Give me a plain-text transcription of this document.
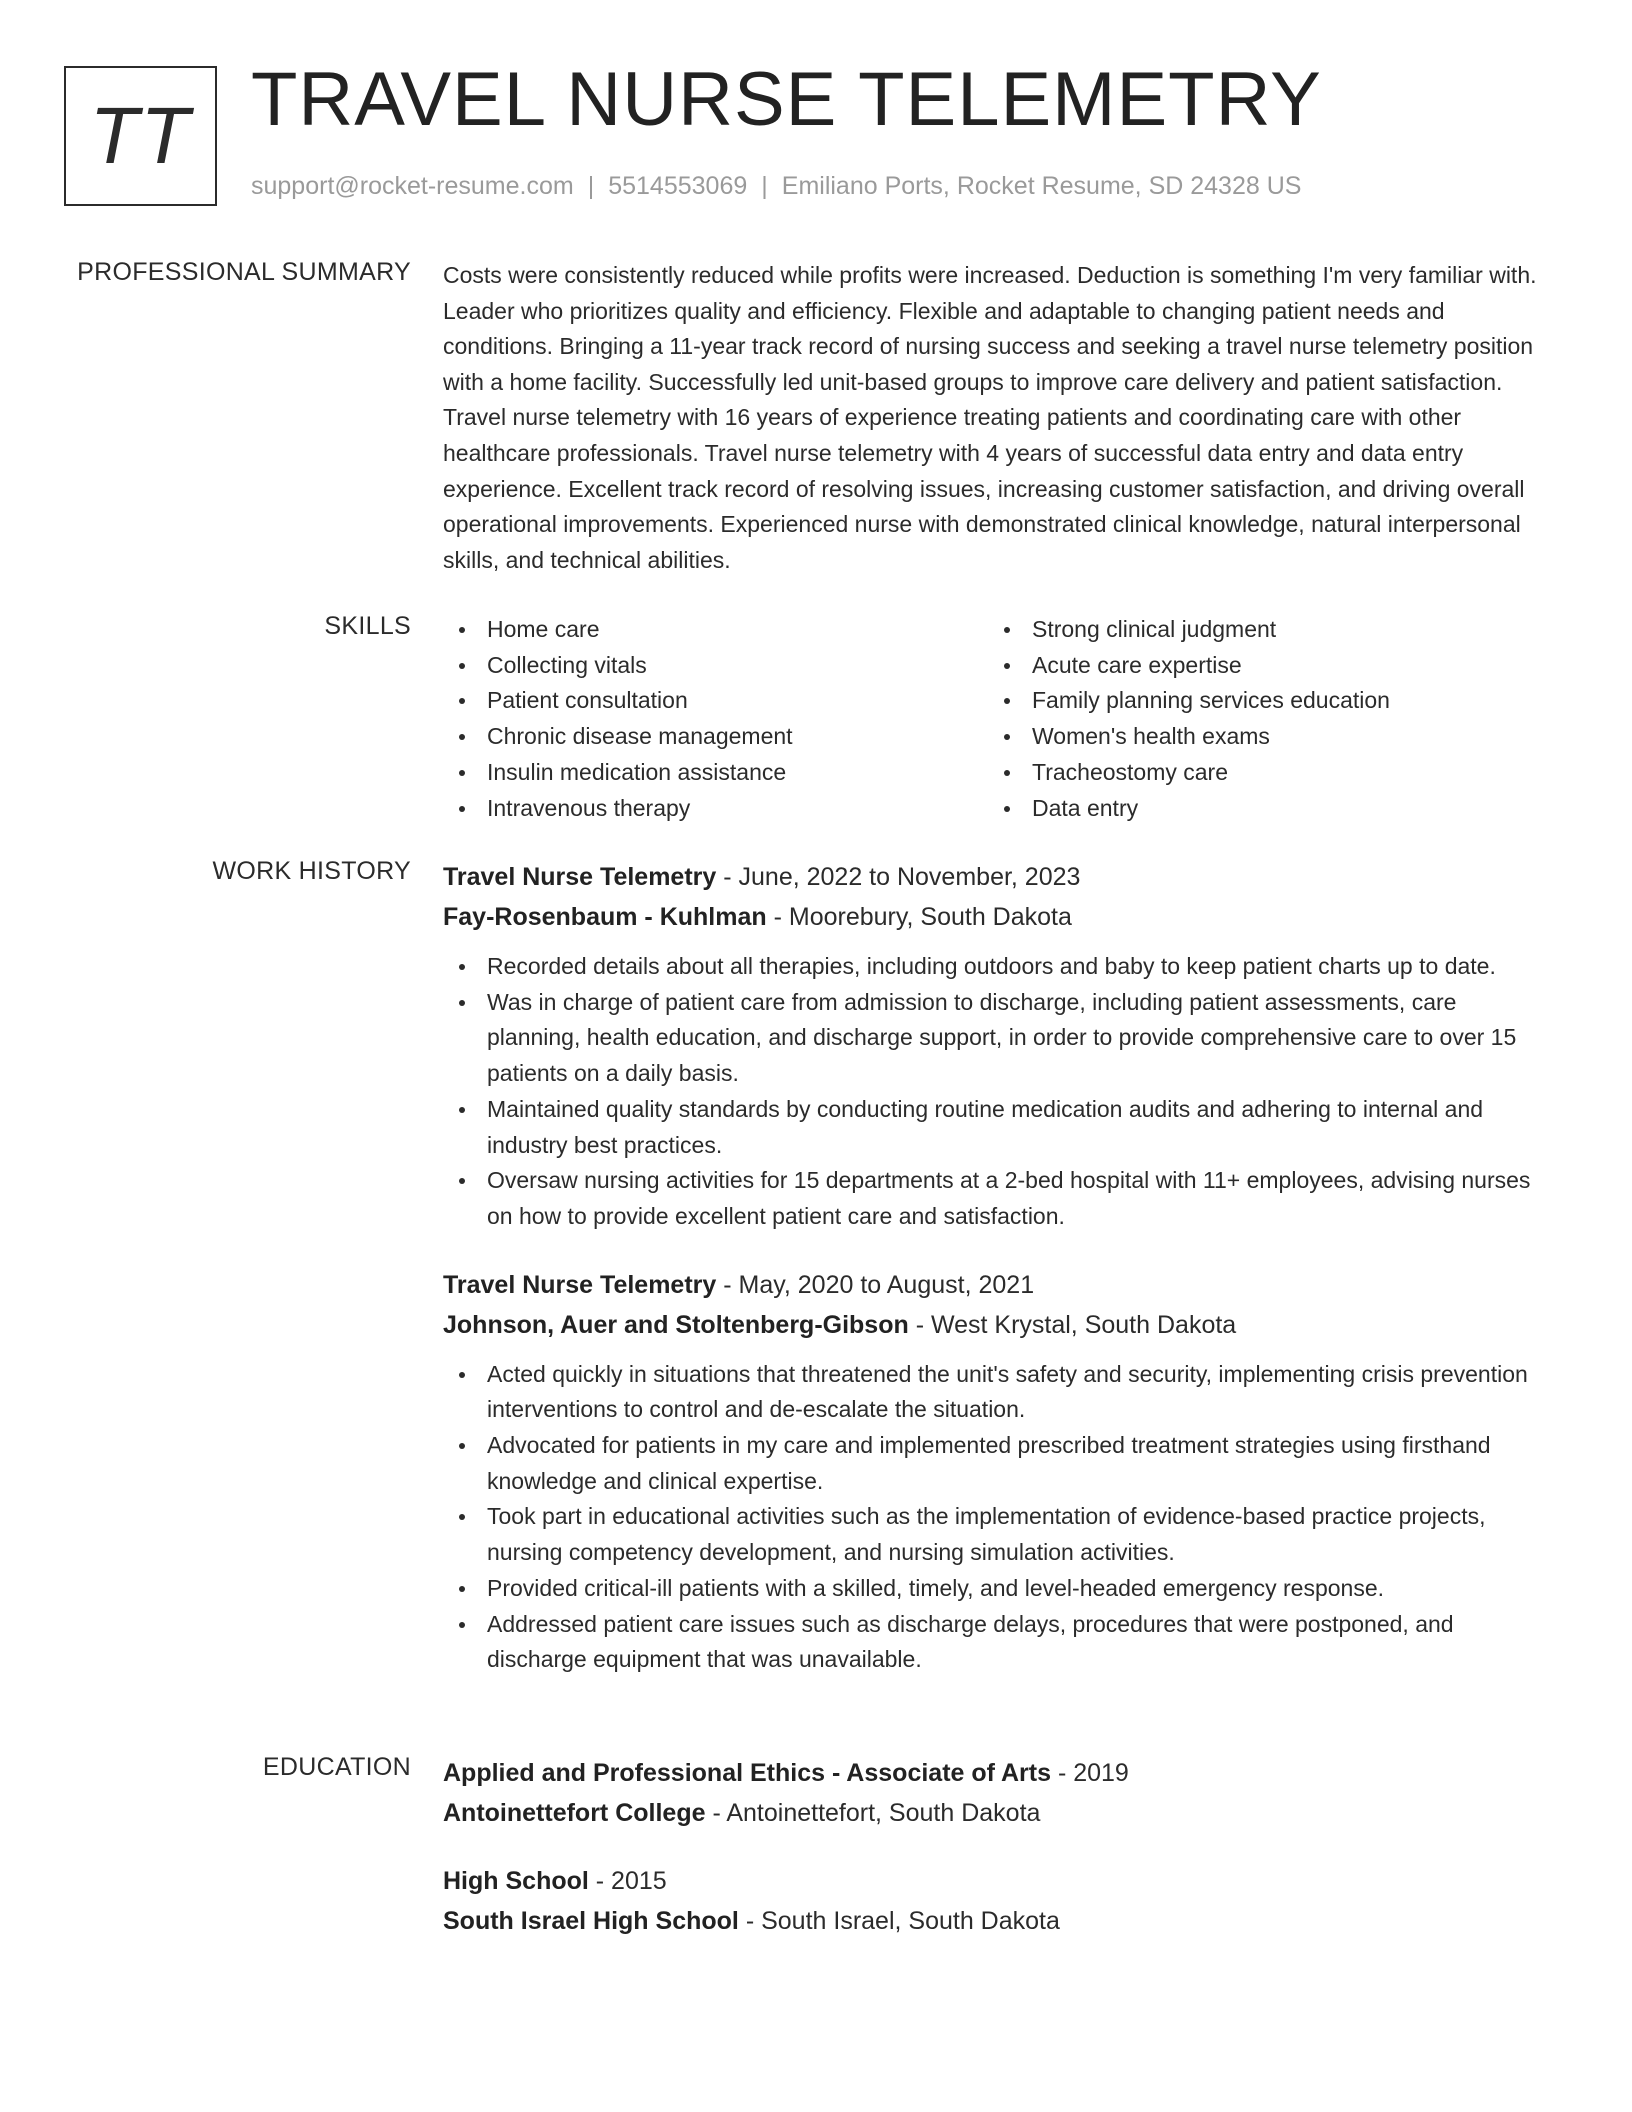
TT TRAVEL NURSE TELEMETRY
support@rocket-resume.com | 5514553069 | Emiliano Ports, Rocket Resume, SD 24328 US
PROFESSIONAL SUMMARY Costs were consistently reduced while profits were increased. Deduction is something I'm very familiar with. Leader who prioritizes quality and efficiency. Flexible and adaptable to changing patient needs and conditions. Bringing a 11-year track record of nursing success and seeking a travel nurse telemetry position with a home facility. Successfully led unit-based groups to improve care delivery and patient satisfaction. Travel nurse telemetry with 16 years of experience treating patients and coordinating care with other healthcare professionals. Travel nurse telemetry with 4 years of successful data entry and data entry experience. Excellent track record of resolving issues, increasing customer satisfaction, and driving overall operational improvements. Experienced nurse with demonstrated clinical knowledge, natural interpersonal skills, and technical abilities.

SKILLS	Home care
Collecting vitals
Patient consultation
Chronic disease management
Insulin medication assistance
Intravenous therapy
Strong clinical judgment
Acute care expertise
Family planning services education
Women's health exams
Tracheostomy care
Data entry
WORK HISTORY Travel Nurse Telemetry - June, 2022 to November, 2023
Fay-Rosenbaum - Kuhlman - Moorebury, South Dakota
Recorded details about all therapies, including outdoors and baby to keep patient charts up to date.
Was in charge of patient care from admission to discharge, including patient assessments, care planning, health education, and discharge support, in order to provide comprehensive care to over 15 patients on a daily basis.
Maintained quality standards by conducting routine medication audits and adhering to internal and industry best practices.
Oversaw nursing activities for 15 departments at a 2-bed hospital with 11+ employees, advising nurses on how to provide excellent patient care and satisfaction.
Travel Nurse Telemetry - May, 2020 to August, 2021
Johnson, Auer and Stoltenberg-Gibson - West Krystal, South Dakota
Acted quickly in situations that threatened the unit's safety and security, implementing crisis prevention interventions to control and de-escalate the situation.
Advocated for patients in my care and implemented prescribed treatment strategies using firsthand knowledge and clinical expertise.
Took part in educational activities such as the implementation of evidence-based practice projects, nursing competency development, and nursing simulation activities.
Provided critical-ill patients with a skilled, timely, and level-headed emergency response.
Addressed patient care issues such as discharge delays, procedures that were postponed, and discharge equipment that was unavailable.
EDUCATION Applied and Professional Ethics - Associate of Arts - 2019
Antoinettefort College - Antoinettefort, South Dakota
High School - 2015
South Israel High School - South Israel, South Dakota
